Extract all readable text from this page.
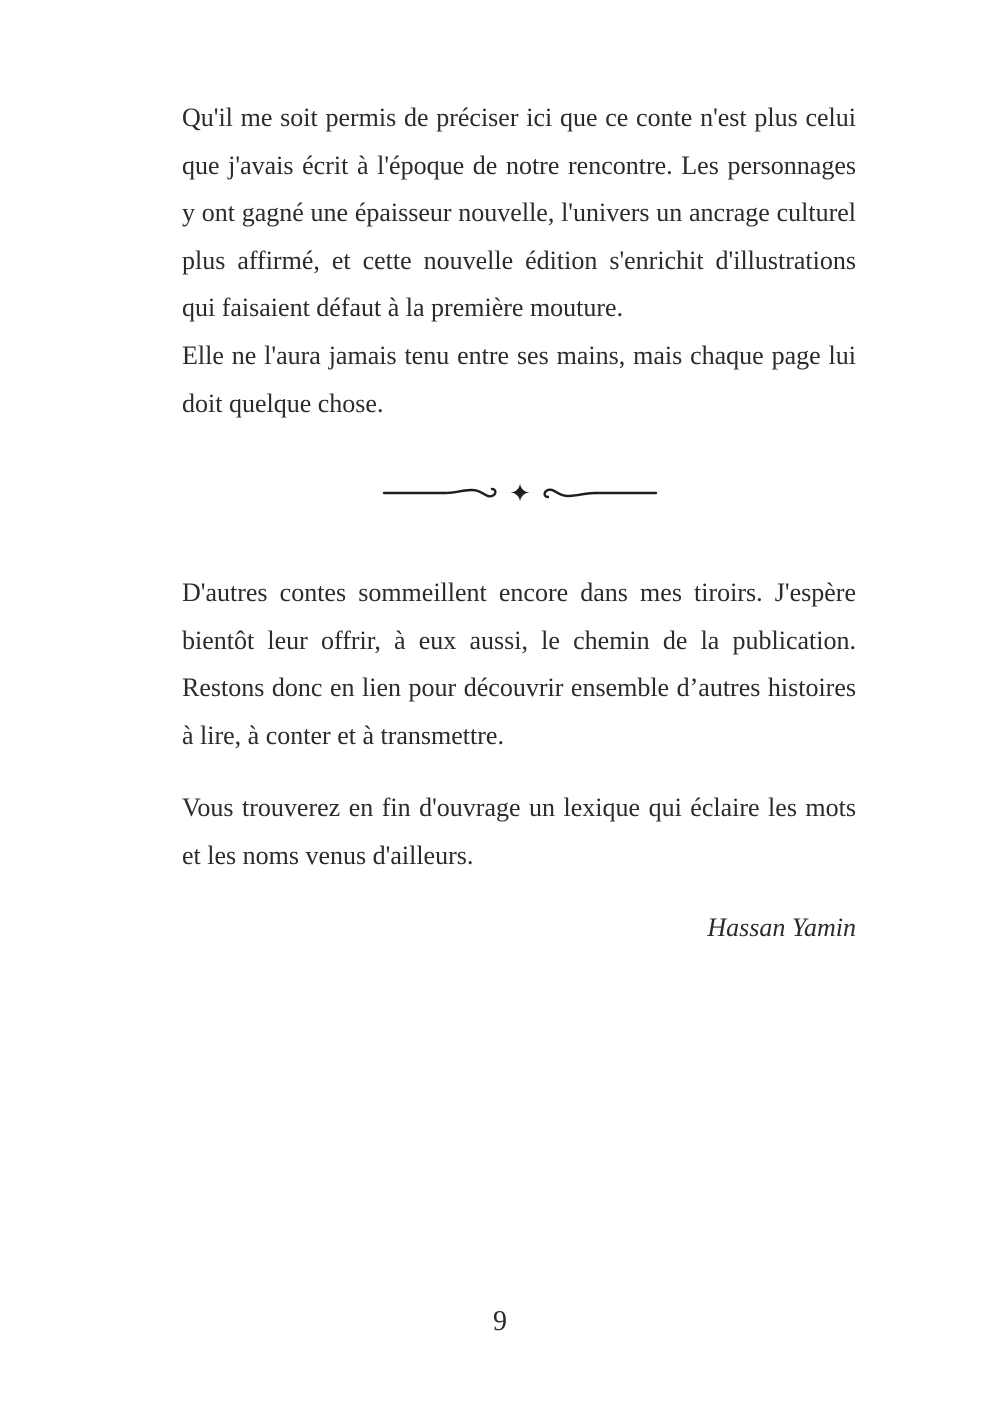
Qu'il me soit permis de préciser ici que ce conte n'est plus celui que j'avais écrit à l'époque de notre rencontre. Les personnages y ont gagné une épaisseur nouvelle, l'univers un ancrage culturel plus affirmé, et cette nouvelle édition s'enrichit d'illustrations qui faisaient défaut à la première mouture.

Elle ne l'aura jamais tenu entre ses mains, mais chaque page lui doit quelque chose.

✦

D'autres contes sommeillent encore dans mes tiroirs. J'espère bientôt leur offrir, à eux aussi, le chemin de la publication. Restons donc en lien pour découvrir ensemble d’autres histoires à lire, à conter et à transmettre.

Vous trouverez en fin d'ouvrage un lexique qui éclaire les mots et les noms venus d'ailleurs.

Hassan Yamin
9
